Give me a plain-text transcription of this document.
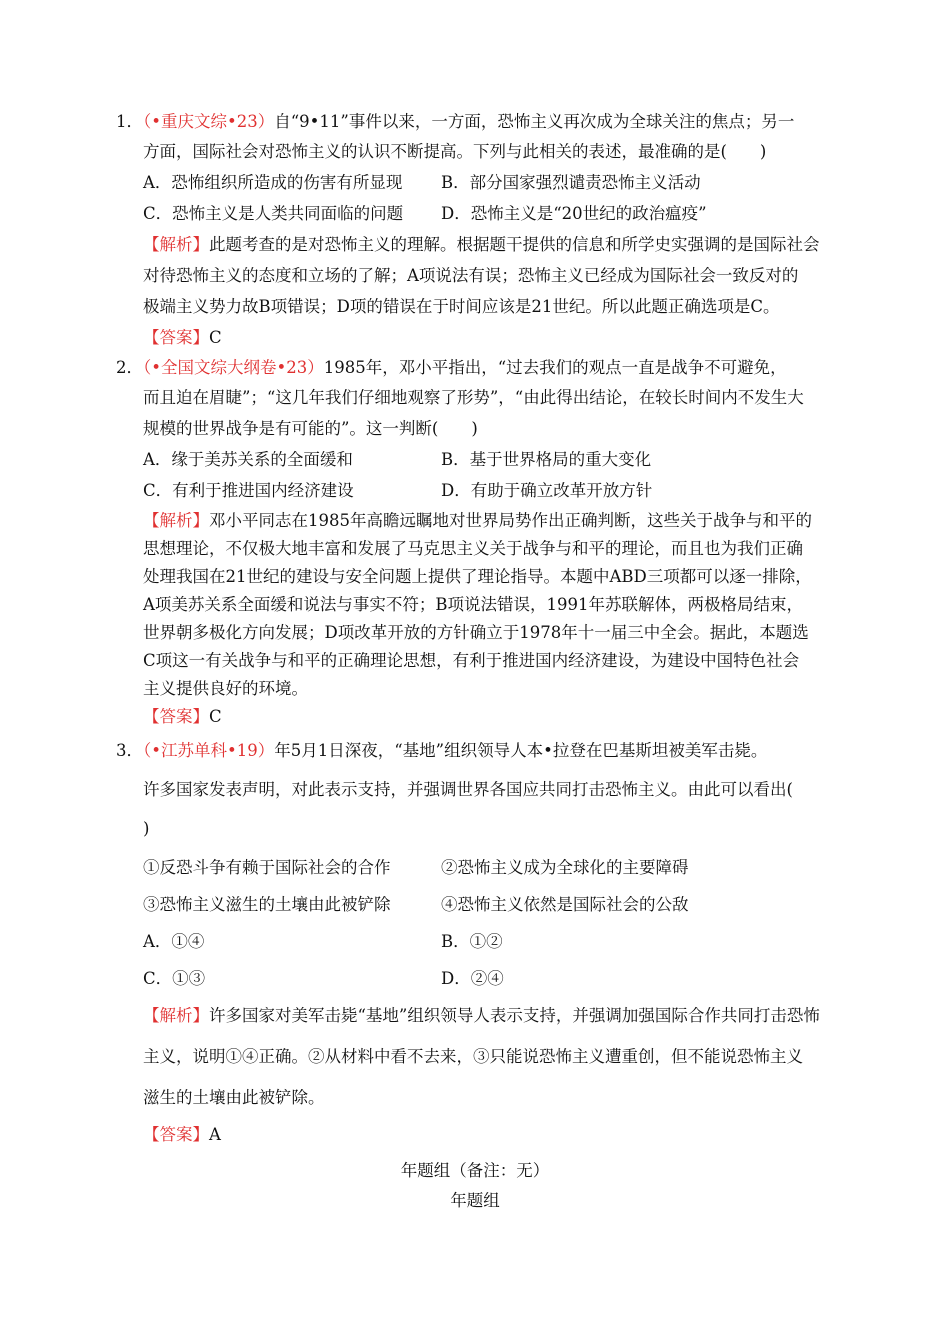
1．（•重庆文综•23）自“9•11”事件以来，一方面，恐怖主义再次成为全球关注的焦点；另一
方面，国际社会对恐怖主义的认识不断提高。下列与此相关的表述，最准确的是(　　)
A．恐怖组织所造成的伤害有所显现 B．部分国家强烈谴责恐怖主义活动
C．恐怖主义是人类共同面临的问题 D．恐怖主义是“20世纪的政治瘟疫”
【解析】此题考查的是对恐怖主义的理解。根据题干提供的信息和所学史实强调的是国际社会
对待恐怖主义的态度和立场的了解；A项说法有误；恐怖主义已经成为国际社会一致反对的
极端主义势力故B项错误；D项的错误在于时间应该是21世纪。所以此题正确选项是C。
【答案】C
2．（•全国文综大纲卷•23）1985年，邓小平指出，“过去我们的观点一直是战争不可避免，
而且迫在眉睫”；“这几年我们仔细地观察了形势”，“由此得出结论，在较长时间内不发生大
规模的世界战争是有可能的”。这一判断(　　)
A．缘于美苏关系的全面缓和	B．基于世界格局的重大变化
C．有利于推进国内经济建设	D．有助于确立改革开放方针
【解析】邓小平同志在1985年高瞻远瞩地对世界局势作出正确判断，这些关于战争与和平的
思想理论，不仅极大地丰富和发展了马克思主义关于战争与和平的理论，而且也为我们正确
处理我国在21世纪的建设与安全问题上提供了理论指导。本题中ABD三项都可以逐一排除，
A项美苏关系全面缓和说法与事实不符；B项说法错误，1991年苏联解体，两极格局结束，
世界朝多极化方向发展；D项改革开放的方针确立于1978年十一届三中全会。据此，本题选
C项这一有关战争与和平的正确理论思想，有利于推进国内经济建设，为建设中国特色社会
主义提供良好的环境。
【答案】C
3．（•江苏单科•19）年5月1日深夜，“基地”组织领导人本•拉登在巴基斯坦被美军击毙。
许多国家发表声明，对此表示支持，并强调世界各国应共同打击恐怖主义。由此可以看出(
)
①反恐斗争有赖于国际社会的合作	②恐怖主义成为全球化的主要障碍
③恐怖主义滋生的土壤由此被铲除	④恐怖主义依然是国际社会的公敌
A．①④	B．①②
C．①③	D．②④
【解析】许多国家对美军击毙“基地”组织领导人表示支持，并强调加强国际合作共同打击恐怖
主义，说明①④正确。②从材料中看不去来，③只能说恐怖主义遭重创，但不能说恐怖主义
滋生的土壤由此被铲除。
【答案】A
年题组（备注：无）
年题组
